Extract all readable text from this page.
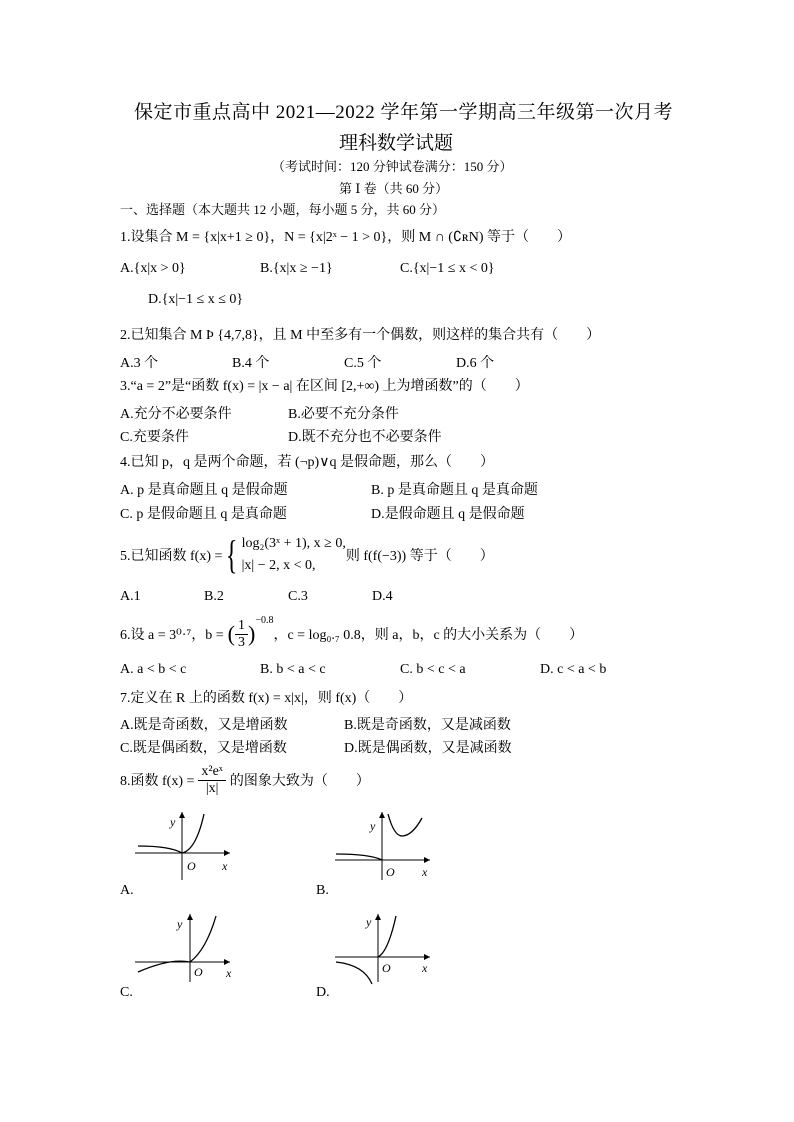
保定市重点高中 2021—2022 学年第一学期高三年级第一次月考
理科数学试题
（考试时间：120 分钟试卷满分：150 分）
第 Ⅰ 卷（共 60 分）
一、选择题（本大题共 12 小题，每小题 5 分，共 60 分）
1.设集合 M = {x|x+1 ≥ 0}，N = {x|2ˣ − 1 > 0}，则 M ∩ (∁ʀN) 等于（　　）
A.{x|x > 0}	B.{x|x ≥ −1}	C.{x|−1 ≤ x < 0}
D.{x|−1 ≤ x ≤ 0}
2.已知集合 M Þ {4,7,8}，且 M 中至多有一个偶数，则这样的集合共有（　　）
A.3 个	B.4 个	C.5 个	D.6 个
3.“a = 2”是“函数 f(x) = |x − a| 在区间 [2,+∞) 上为增函数”的（　　）
A.充分不必要条件	B.必要不充分条件
C.充要条件	D.既不充分也不必要条件
4.已知 p，q 是两个命题，若 (¬p)∨q 是假命题，那么（　　）
A. p 是真命题且 q 是假命题	B. p 是真命题且 q 是真命题
C. p 是假命题且 q 是真命题	D.是假命题且 q 是假命题
5.已知函数 f(x) = { log₂(3ˣ + 1), x ≥ 0,
|x| − 2, x < 0,
则 f(f(−3)) 等于（　　）
A.1	B.2	C.3	D.4
6.设 a = 3⁰·⁷，b = ( $\frac{1}{3}$ )
−0.8
，c = log₀.₇ 0.8，则 a，b，c 的大小关系为（　　）
A. a < b < c	B. b < a < c	C. b < c < a	D. c < a < b
7.定义在 R 上的函数 f(x) = x|x|，则 f(x)（　　）
A.既是奇函数，又是增函数	B.既是奇函数，又是减函数
C.既是偶函数，又是增函数	D.既是偶函数，又是减函数
8.函数 $f(x) = \frac{\text{x²eˣ}}{|x|}$ 的图象大致为（　　）
y
x
O
A.
y
x
O
B.
y
x
O
C.
y
x
O
D.
